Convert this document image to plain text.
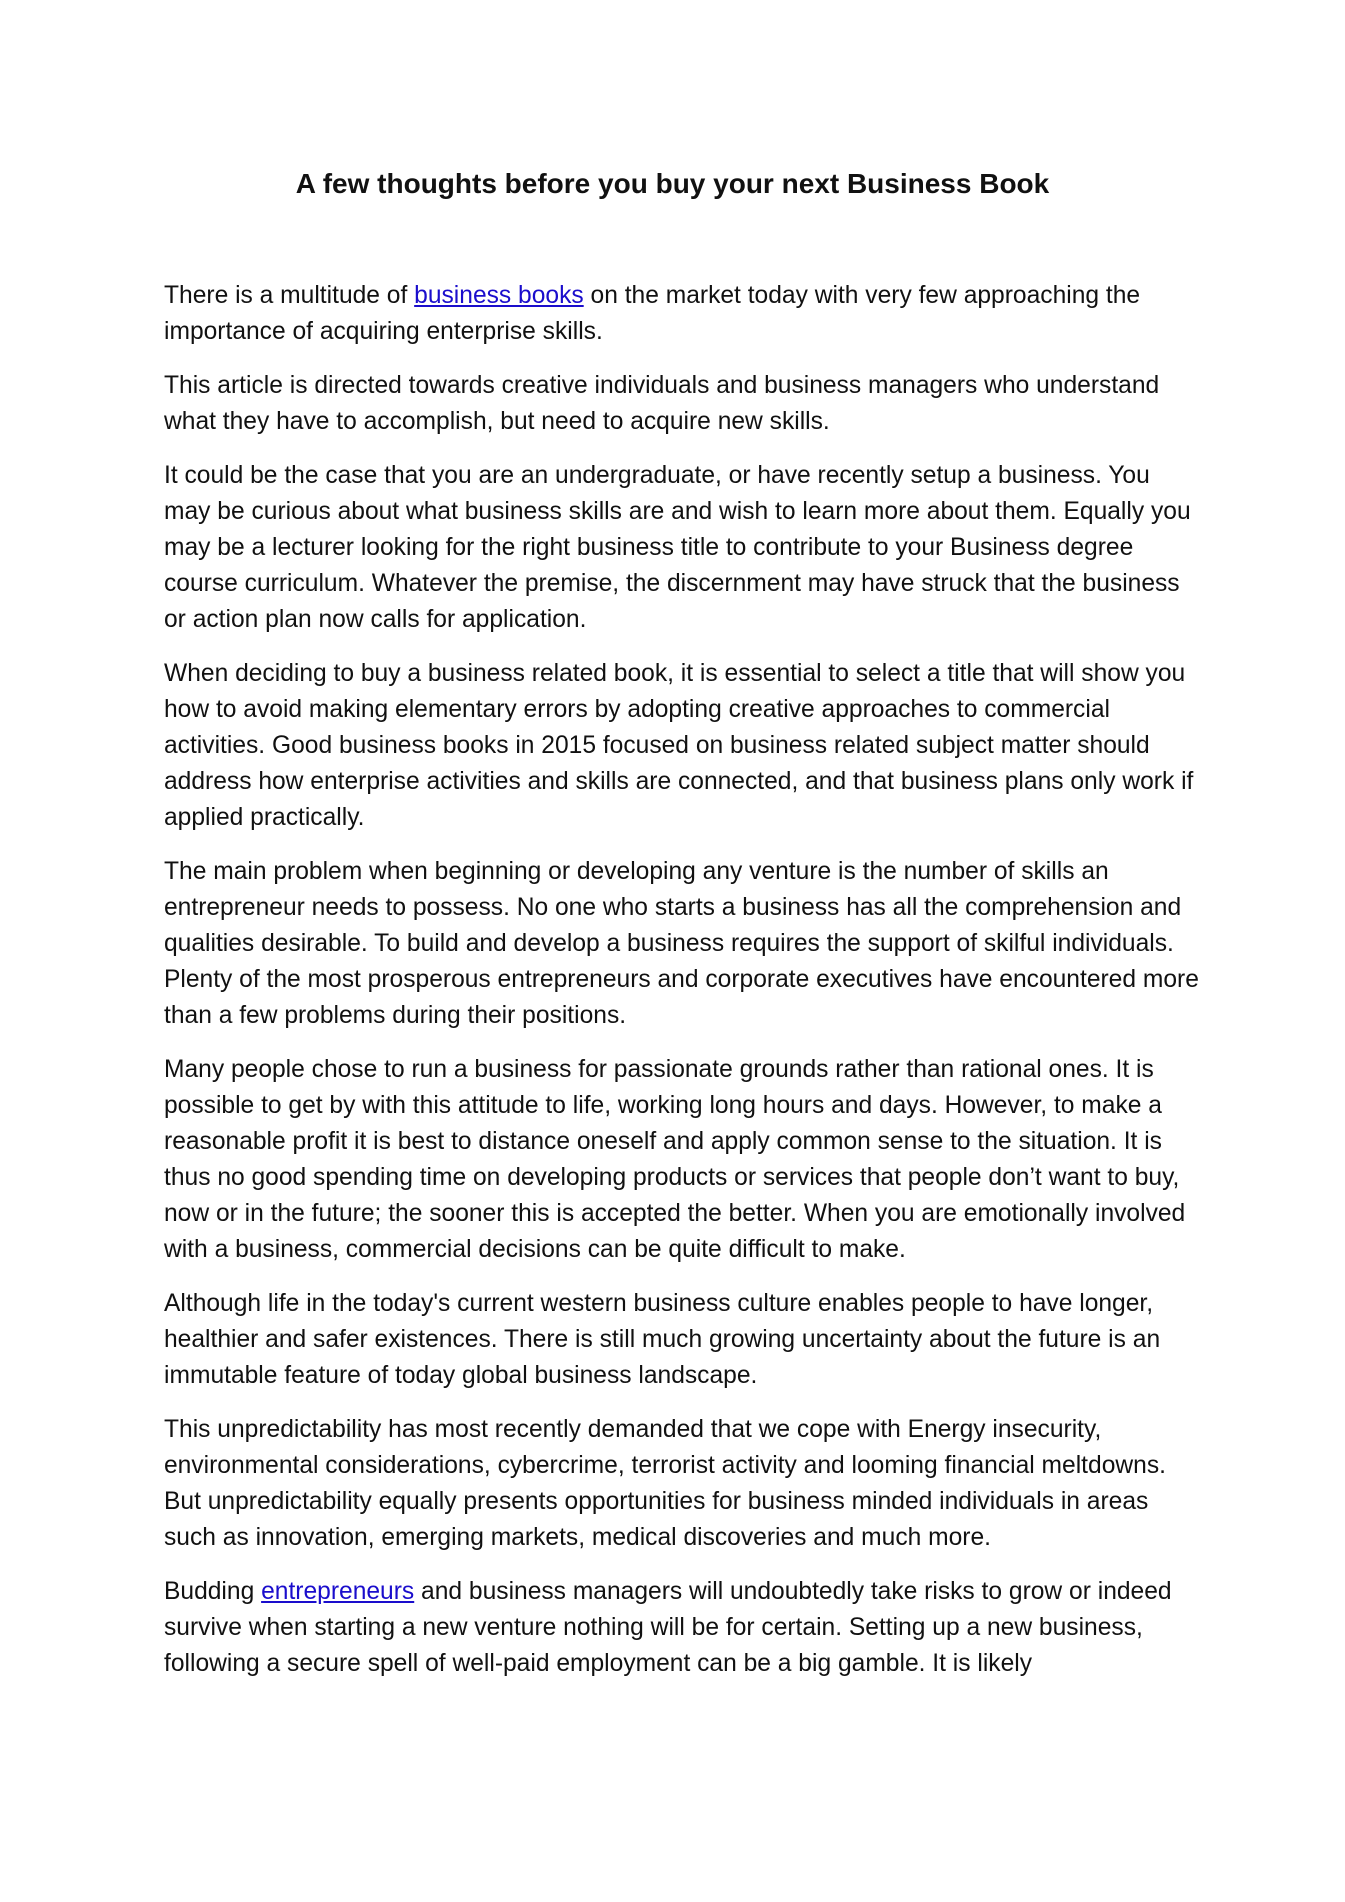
A few thoughts before you buy your next Business Book

There is a multitude of business books on the market today with very few approaching the importance of acquiring enterprise skills.

This article is directed towards creative individuals and business managers who understand what they have to accomplish, but need to acquire new skills.

It could be the case that you are an undergraduate, or have recently setup a business. You may be curious about what business skills are and wish to learn more about them. Equally you may be a lecturer looking for the right business title to contribute to your Business degree course curriculum. Whatever the premise, the discernment may have struck that the business or action plan now calls for application.

When deciding to buy a business related book, it is essential to select a title that will show you how to avoid making elementary errors by adopting creative approaches to commercial activities. Good business books in 2015 focused on business related subject matter should address how enterprise activities and skills are connected, and that business plans only work if applied practically.

The main problem when beginning or developing any venture is the number of skills an entrepreneur needs to possess. No one who starts a business has all the comprehension and qualities desirable. To build and develop a business requires the support of skilful individuals. Plenty of the most prosperous entrepreneurs and corporate executives have encountered more than a few problems during their positions.

Many people chose to run a business for passionate grounds rather than rational ones. It is possible to get by with this attitude to life, working long hours and days. However, to make a reasonable profit it is best to distance oneself and apply common sense to the situation. It is thus no good spending time on developing products or services that people don’t want to buy, now or in the future; the sooner this is accepted the better. When you are emotionally involved with a business, commercial decisions can be quite difficult to make.

Although life in the today's current western business culture enables people to have longer, healthier and safer existences. There is still much growing uncertainty about the future is an immutable feature of today global business landscape.

This unpredictability has most recently demanded that we cope with Energy insecurity, environmental considerations, cybercrime, terrorist activity and looming financial meltdowns. But unpredictability equally presents opportunities for business minded individuals in areas such as innovation, emerging markets, medical discoveries and much more.

Budding entrepreneurs and business managers will undoubtedly take risks to grow or indeed survive when starting a new venture nothing will be for certain. Setting up a new business, following a secure spell of well-paid employment can be a big gamble. It is likely
